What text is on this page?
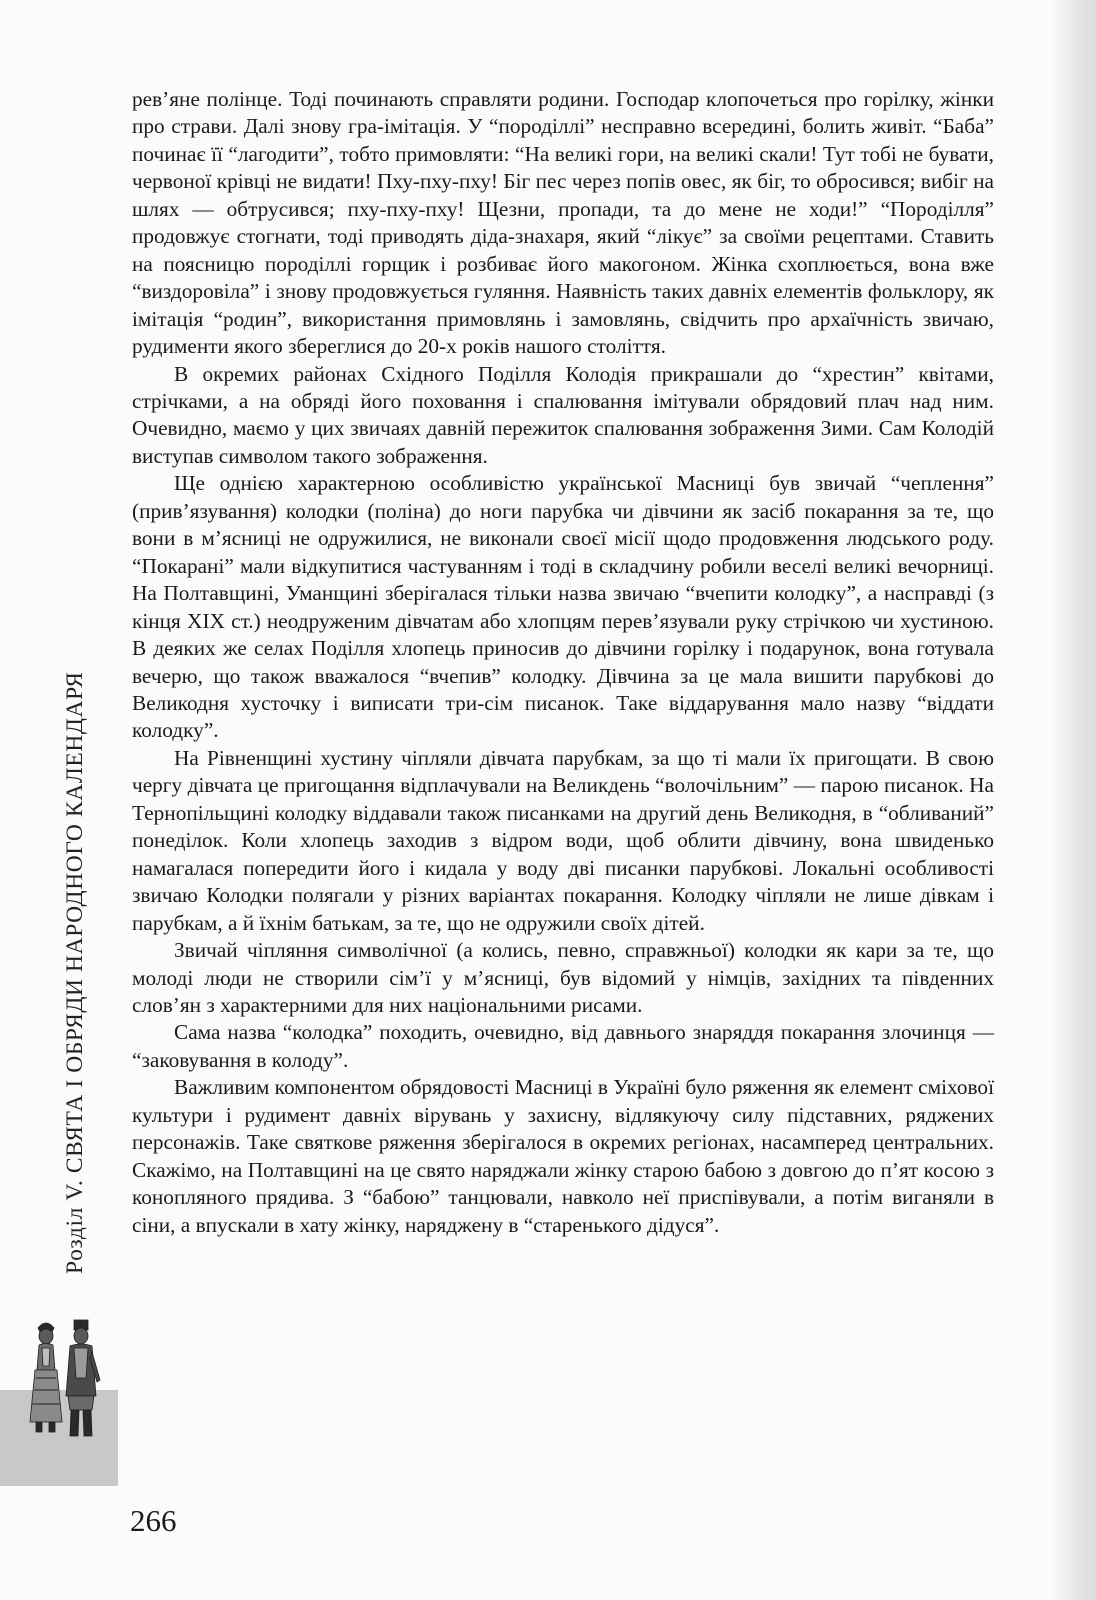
Розділ V. СВЯТА І ОБРЯДИ НАРОДНОГО КАЛЕНДАРЯ

рев’яне полінце. Тоді починають справляти родини. Господар клопочеться про горілку, жінки про страви. Далі знову гра-імітація. У “породіллі” несправно всередині, болить живіт. “Баба” починає її “лагодити”, тобто примовляти: “На великі гори, на великі скали! Тут тобі не бувати, червоної крівці не видати! Пху-пху-пху! Біг пес через попів овес, як біг, то обросився; вибіг на шлях — обтрусився; пху-пху-пху! Щезни, пропади, та до мене не ходи!” “Породілля” продовжує стогнати, тоді приводять діда-знахаря, який “лікує” за своїми рецептами. Ставить на поясницю породіллі горщик і розбиває його макогоном. Жінка схоплюється, вона вже “виздоровіла” і знову продовжується гуляння. Наявність таких давніх елементів фольклору, як імітація “родин”, використання примовлянь і замовлянь, свідчить про архаїчність звичаю, рудименти якого збереглися до 20-х років нашого століття.

В окремих районах Східного Поділля Колодія прикрашали до “хрестин” квітами, стрічками, а на обряді його поховання і спалювання імітували обрядовий плач над ним. Очевидно, маємо у цих звичаях давній пережиток спалювання зображення Зими. Сам Колодій виступав символом такого зображення.

Ще однією характерною особливістю української Масниці був звичай “чеплення” (прив’язування) колодки (поліна) до ноги парубка чи дівчини як засіб покарання за те, що вони в м’ясниці не одружилися, не виконали своєї місії щодо продовження людського роду. “Покарані” мали відкупитися частуванням і тоді в складчину робили веселі великі вечорниці. На Полтавщині, Уманщині зберігалася тільки назва звичаю “вчепити колодку”, а насправді (з кінця XIX ст.) неодруженим дівчатам або хлопцям перев’язували руку стрічкою чи хустиною. В деяких же селах Поділля хлопець приносив до дівчини горілку і подарунок, вона готувала вечерю, що також вважалося “вчепив” колодку. Дівчина за це мала вишити парубкові до Великодня хусточку і виписати три-сім писанок. Таке віддарування мало назву “віддати колодку”.

На Рівненщині хустину чіпляли дівчата парубкам, за що ті мали їх пригощати. В свою чергу дівчата це пригощання відплачували на Великдень “волочільним” — парою писанок. На Тернопільщині колодку віддавали також писанками на другий день Великодня, в “обливаний” понеділок. Коли хлопець заходив з відром води, щоб облити дівчину, вона швиденько намагалася попередити його і кидала у воду дві писанки парубкові. Локальні особливості звичаю Колодки полягали у різних варіантах покарання. Колодку чіпляли не лише дівкам і парубкам, а й їхнім батькам, за те, що не одружили своїх дітей.

Звичай чіпляння символічної (а колись, певно, справжньої) колодки як кари за те, що молоді люди не створили сім’ї у м’ясниці, був відомий у німців, західних та південних слов’ян з характерними для них національними рисами.

Сама назва “колодка” походить, очевидно, від давнього знаряддя покарання злочинця — “заковування в колоду”.

Важливим компонентом обрядовості Масниці в Україні було ряження як елемент сміхової культури і рудимент давніх вірувань у захисну, відлякуючу силу підставних, ряджених персонажів. Таке святкове ряження зберігалося в окремих регіонах, насамперед центральних. Скажімо, на Полтавщині на це свято наряджали жінку старою бабою з довгою до п’ят косою з конопляного прядива. З “бабою” танцювали, навколо неї приспівували, а потім виганяли в сіни, а впускали в хату жінку, наряджену в “старенького дідуся”.

266
